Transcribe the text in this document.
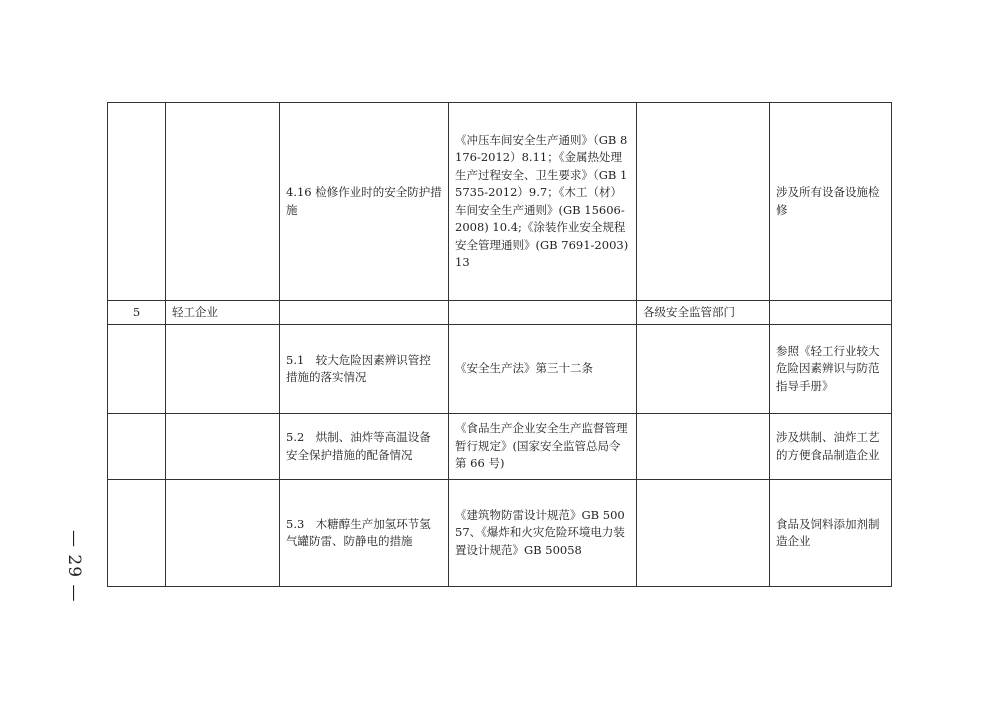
		4.16 检修作业时的安全防护措施	《冲压车间安全生产通则》（GB 8176-2012）8.11；《金属热处理生产过程安全、卫生要求》（GB 15735-2012）9.7；《木工（材）车间安全生产通则》(GB 15606-2008) 10.4;《涂装作业安全规程 安全管理通则》(GB 7691-2003) 13		涉及所有设备设施检修
5	轻工企业			各级安全监管部门	
		5.1　较大危险因素辨识管控措施的落实情况	《安全生产法》第三十二条		参照《轻工行业较大危险因素辨识与防范指导手册》
		5.2　烘制、油炸等高温设备安全保护措施的配备情况	《食品生产企业安全生产监督管理暂行规定》(国家安全监管总局令第 66 号)		涉及烘制、油炸工艺的方便食品制造企业
		5.3　木糖醇生产加氢环节氢气罐防雷、防静电的措施	《建筑物防雷设计规范》GB 50057、《爆炸和火灾危险环境电力装置设计规范》GB 50058		食品及饲料添加剂制造企业
— 29 —
